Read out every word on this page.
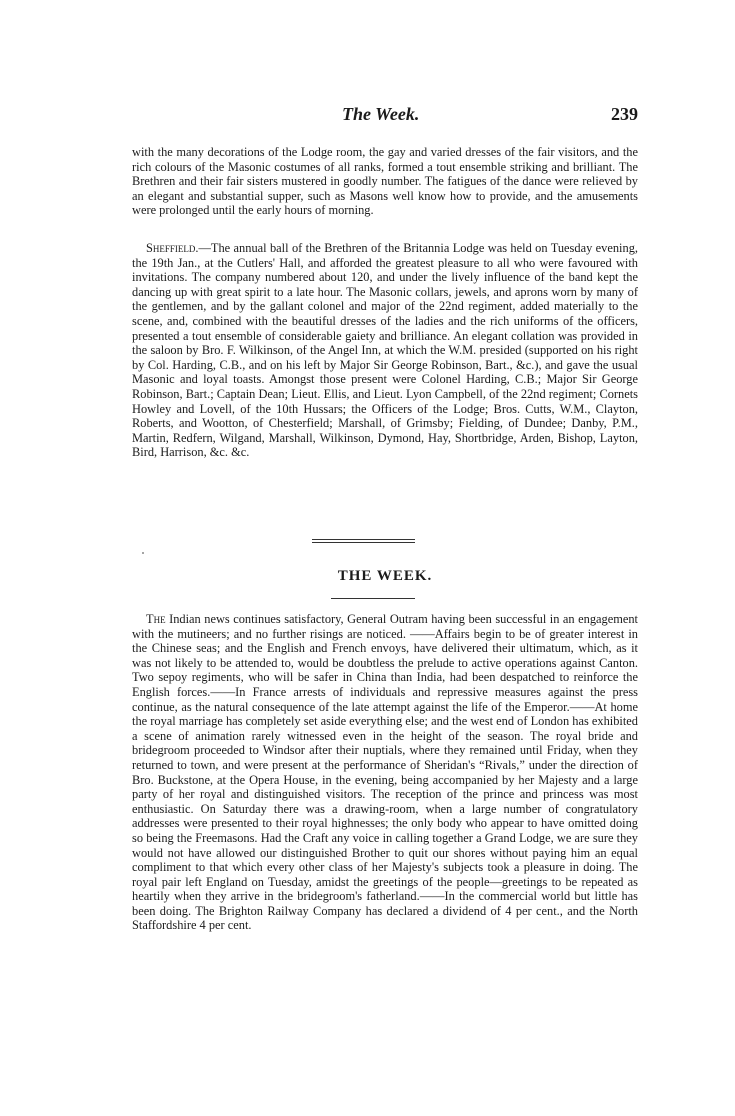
The Week.	239

with the many decorations of the Lodge room, the gay and varied dresses of the fair visitors, and the rich colours of the Masonic costumes of all ranks, formed a tout ensemble striking and brilliant. The Brethren and their fair sisters mustered in goodly number. The fatigues of the dance were relieved by an elegant and substantial supper, such as Masons well know how to provide, and the amusements were prolonged until the early hours of morning.

Sheffield.—The annual ball of the Brethren of the Britannia Lodge was held on Tuesday evening, the 19th Jan., at the Cutlers' Hall, and afforded the greatest pleasure to all who were favoured with invitations. The company numbered about 120, and under the lively influence of the band kept the dancing up with great spirit to a late hour. The Masonic collars, jewels, and aprons worn by many of the gentlemen, and by the gallant colonel and major of the 22nd regiment, added materially to the scene, and, combined with the beautiful dresses of the ladies and the rich uniforms of the officers, presented a tout ensemble of considerable gaiety and brilliance. An elegant collation was provided in the saloon by Bro. F. Wilkinson, of the Angel Inn, at which the W.M. presided (supported on his right by Col. Harding, C.B., and on his left by Major Sir George Robinson, Bart., &c.), and gave the usual Masonic and loyal toasts. Amongst those present were Colonel Harding, C.B.; Major Sir George Robinson, Bart.; Captain Dean; Lieut. Ellis, and Lieut. Lyon Campbell, of the 22nd regiment; Cornets Howley and Lovell, of the 10th Hussars; the Officers of the Lodge; Bros. Cutts, W.M., Clayton, Roberts, and Wootton, of Chesterfield; Marshall, of Grimsby; Fielding, of Dundee; Danby, P.M., Martin, Redfern, Wilgand, Marshall, Wilkinson, Dymond, Hay, Shortbridge, Arden, Bishop, Layton, Bird, Harrison, &c. &c.

THE WEEK.

The Indian news continues satisfactory, General Outram having been successful in an engagement with the mutineers; and no further risings are noticed. ——Affairs begin to be of greater interest in the Chinese seas; and the English and French envoys, have delivered their ultimatum, which, as it was not likely to be attended to, would be doubtless the prelude to active operations against Canton. Two sepoy regiments, who will be safer in China than India, had been despatched to reinforce the English forces.——In France arrests of individuals and repressive measures against the press continue, as the natural consequence of the late attempt against the life of the Emperor.——At home the royal marriage has completely set aside everything else; and the west end of London has exhibited a scene of animation rarely witnessed even in the height of the season. The royal bride and bridegroom proceeded to Windsor after their nuptials, where they remained until Friday, when they returned to town, and were present at the performance of Sheridan's “Rivals,” under the direction of Bro. Buckstone, at the Opera House, in the evening, being accompanied by her Majesty and a large party of her royal and distinguished visitors. The reception of the prince and princess was most enthusiastic. On Saturday there was a drawing-room, when a large number of congratulatory addresses were presented to their royal highnesses; the only body who appear to have omitted doing so being the Freemasons. Had the Craft any voice in calling together a Grand Lodge, we are sure they would not have allowed our distinguished Brother to quit our shores without paying him an equal compliment to that which every other class of her Majesty's subjects took a pleasure in doing. The royal pair left England on Tuesday, amidst the greetings of the people—greetings to be repeated as heartily when they arrive in the bridegroom's fatherland.——In the commercial world but little has been doing. The Brighton Railway Company has declared a dividend of 4 per cent., and the North Staffordshire 4 per cent.
